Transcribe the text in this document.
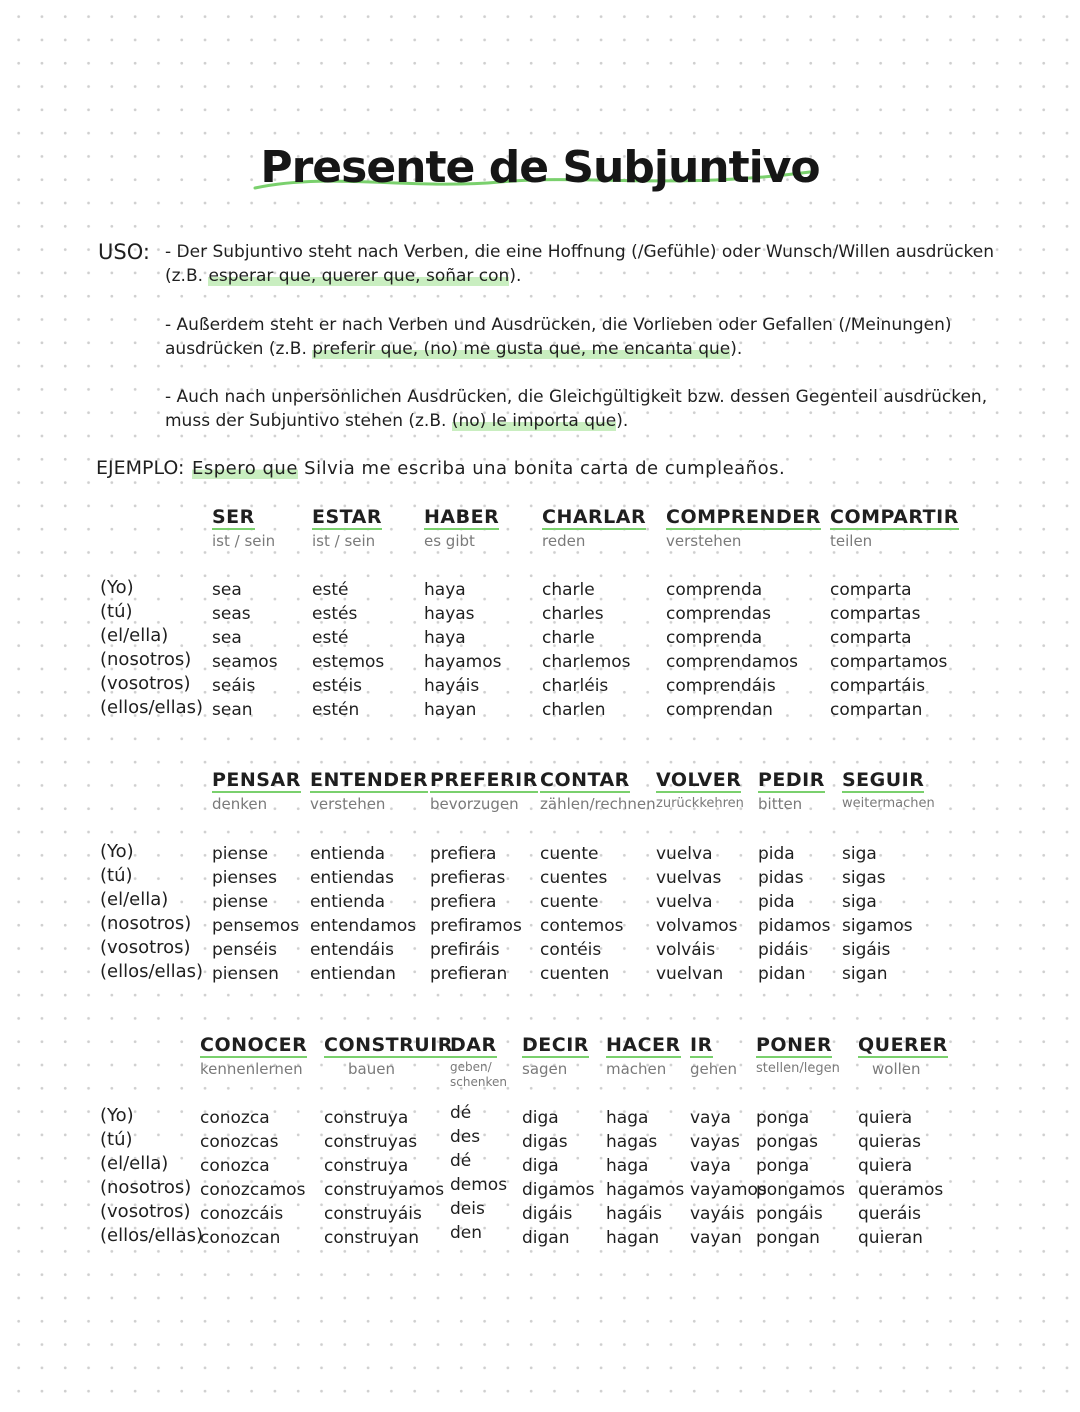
Presente de Subjuntivo
USO: - Der Subjuntivo steht nach Verben, die eine Hoffnung (/Gefühle) oder Wunsch/Willen ausdrücken (z.B. esperar que, querer que, soñar con).
- Außerdem steht er nach Verben und Ausdrücken, die Vorlieben oder Gefallen (/Meinungen) ausdrücken (z.B. preferir que, (no) me gusta que, me encanta que).
- Auch nach unpersönlichen Ausdrücken, die Gleichgültigkeit bzw. dessen Gegenteil ausdrücken, muss der Subjuntivo stehen (z.B. (no) le importa que).
EJEMPLO: Espero que Silvia me escriba una bonita carta de cumpleaños.
(Yo)
(tú)
(el/ella)
(nosotros)
(vosotros)
(ellos/ellas)
SER
ist / sein
sea
seas
sea
seamos
seáis
sean
ESTAR
ist / sein
esté
estés
esté
estemos
estéis
estén
HABER
es gibt
haya
hayas
haya
hayamos
hayáis
hayan
CHARLAR
reden
charle
charles
charle
charlemos
charléis
charlen
COMPRENDER
verstehen
comprenda
comprendas
comprenda
comprendamos
comprendáis
comprendan
COMPARTIR
teilen
comparta
compartas
comparta
compartamos
compartáis
compartan
(Yo)
(tú)
(el/ella)
(nosotros)
(vosotros)
(ellos/ellas)
PENSAR
denken
piense
pienses
piense
pensemos
penséis
piensen
ENTENDER
verstehen
entienda
entiendas
entienda
entendamos
entendáis
entiendan
PREFERIR
bevorzugen
prefiera
prefieras
prefiera
prefiramos
prefiráis
prefieran
CONTAR
zählen/rechnen
cuente
cuentes
cuente
contemos
contéis
cuenten
VOLVER
zurückkehren
vuelva
vuelvas
vuelva
volvamos
volváis
vuelvan
PEDIR
bitten
pida
pidas
pida
pidamos
pidáis
pidan
SEGUIR
weitermachen
siga
sigas
siga
sigamos
sigáis
sigan
(Yo)
(tú)
(el/ella)
(nosotros)
(vosotros)
(ellos/ellas)
CONOCER
kennenlernen
conozca
conozcas
conozca
conozcamos
conozcáis
conozcan
CONSTRUIR
bauen
construya
construyas
construya
construyamos
construyáis
construyan
DAR
geben/ schenken
dé
des
dé
demos
deis
den
DECIR
sagen
diga
digas
diga
digamos
digáis
digan
HACER
machen
haga
hagas
haga
hagamos
hagáis
hagan
IR
gehen
vaya
vayas
vaya
vayamos
vayáis
vayan
PONER
stellen/legen
ponga
pongas
ponga
pongamos
pongáis
pongan
QUERER
wollen
quiera
quieras
quiera
queramos
queráis
quieran
